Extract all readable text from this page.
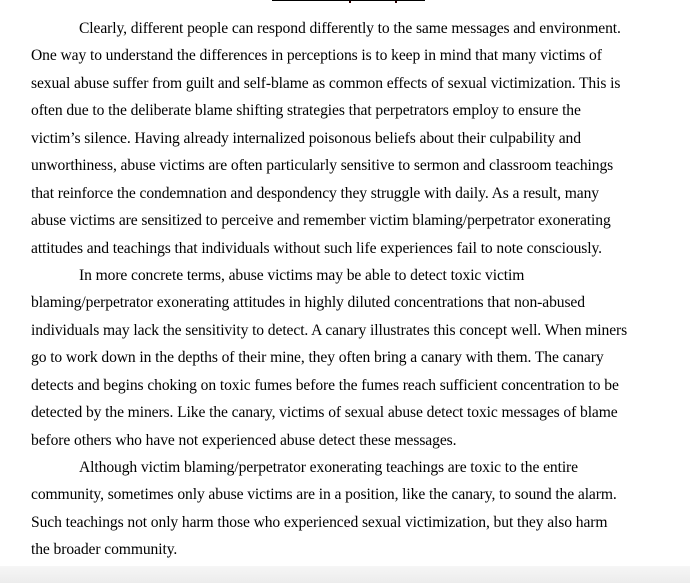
Clearly, different people can respond differently to the same messages and environment.
One way to understand the differences in perceptions is to keep in mind that many victims of
sexual abuse suffer from guilt and self-blame as common effects of sexual victimization. This is
often due to the deliberate blame shifting strategies that perpetrators employ to ensure the
victim’s silence. Having already internalized poisonous beliefs about their culpability and
unworthiness, abuse victims are often particularly sensitive to sermon and classroom teachings
that reinforce the condemnation and despondency they struggle with daily. As a result, many
abuse victims are sensitized to perceive and remember victim blaming/perpetrator exonerating
attitudes and teachings that individuals without such life experiences fail to note consciously.
In more concrete terms, abuse victims may be able to detect toxic victim
blaming/perpetrator exonerating attitudes in highly diluted concentrations that non-abused
individuals may lack the sensitivity to detect. A canary illustrates this concept well. When miners
go to work down in the depths of their mine, they often bring a canary with them. The canary
detects and begins choking on toxic fumes before the fumes reach sufficient concentration to be
detected by the miners. Like the canary, victims of sexual abuse detect toxic messages of blame
before others who have not experienced abuse detect these messages.
Although victim blaming/perpetrator exonerating teachings are toxic to the entire
community, sometimes only abuse victims are in a position, like the canary, to sound the alarm.
Such teachings not only harm those who experienced sexual victimization, but they also harm
the broader community.
